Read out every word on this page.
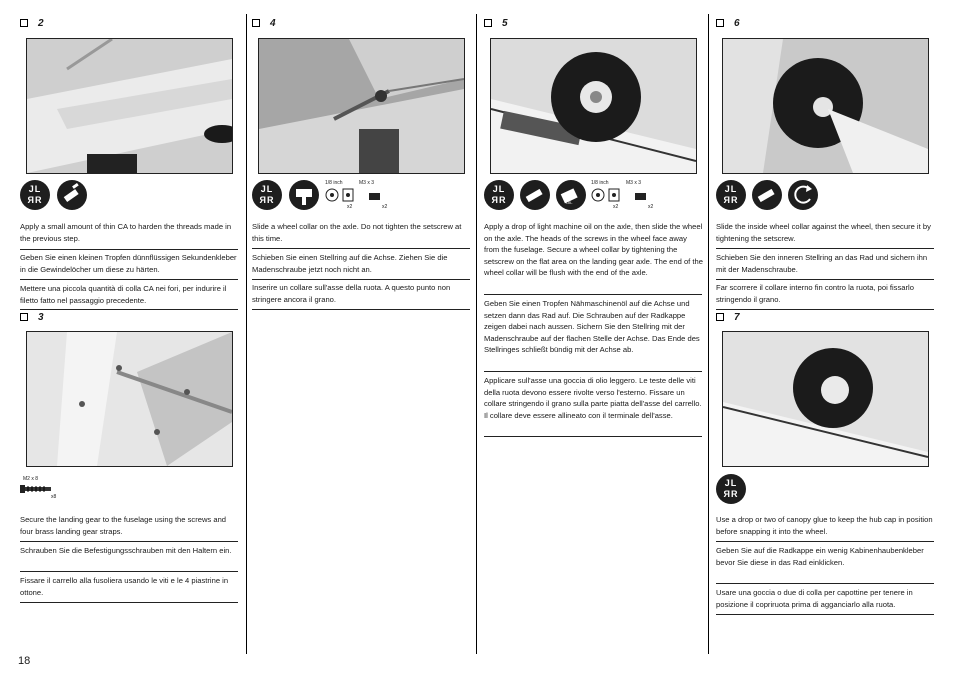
2
JL
ЯR
Apply a small amount of thin CA to harden the threads made in the previous step.
Geben Sie einen kleinen Tropfen dünnflüssigen Sekundenkleber in die Gewindelöcher um diese zu härten.
Mettere una piccola quantità di colla CA nei fori, per indurire il filetto fatto nel passaggio precedente.
3
M2 x 8
x8
Secure the landing gear to the fuselage using the screws and four brass landing gear straps.
Schrauben Sie die Befestigungsschrauben mit den Haltern ein.
Fissare il carrello alla fusoliera usando le viti e le 4 piastrine in ottone.
4
JL
ЯR
1/8 inch
x2
M3 x 3
x2
Slide a wheel collar on the axle. Do not tighten the setscrew at this time.
Schieben Sie einen Stellring auf die Achse. Ziehen Sie die Madenschraube jetzt noch nicht an.
Inserire un collare sull'asse della ruota. A questo punto non stringere ancora il grano.
5
JL
ЯR	OIL
1/8 inch
x2
M3 x 3
x2
Apply a drop of light machine oil on the axle, then slide the wheel on the axle. The heads of the screws in the wheel face away from the fuselage. Secure a wheel collar by tightening the setscrew on the flat area on the landing gear axle. The end of the wheel collar will be flush with the end of the axle.
Geben Sie einen Tropfen Nähmaschinenöl auf die Achse und setzen dann das Rad auf. Die Schrauben auf der Radkappe zeigen dabei nach aussen. Sichern Sie den Stellring mit der Madenschraube auf der flachen Stelle der Achse. Das Ende des Stellringes schließt bündig mit der Achse ab.
Applicare sull'asse una goccia di olio leggero. Le teste delle viti della ruota devono essere rivolte verso l'esterno. Fissare un collare stringendo il grano sulla parte piatta dell'asse del carrello. Il collare deve essere allineato con il terminale dell'asse.
6
JL
ЯR
Slide the inside wheel collar against the wheel, then secure it by tightening the setscrew.
Schieben Sie den inneren Stellring an das Rad und sichern ihn mit der Madenschraube.
Far scorrere il collare interno fin contro la ruota, poi fissarlo stringendo il grano.
7
JL
ЯR
Use a drop or two of canopy glue to keep the hub cap in position before snapping it into the wheel.
Geben Sie auf die Radkappe ein wenig Kabinenhaubenkleber bevor Sie diese in das Rad einklicken.
Usare una goccia o due di colla per capottine per tenere in posizione il copriruota prima di agganciarlo alla ruota.
18
